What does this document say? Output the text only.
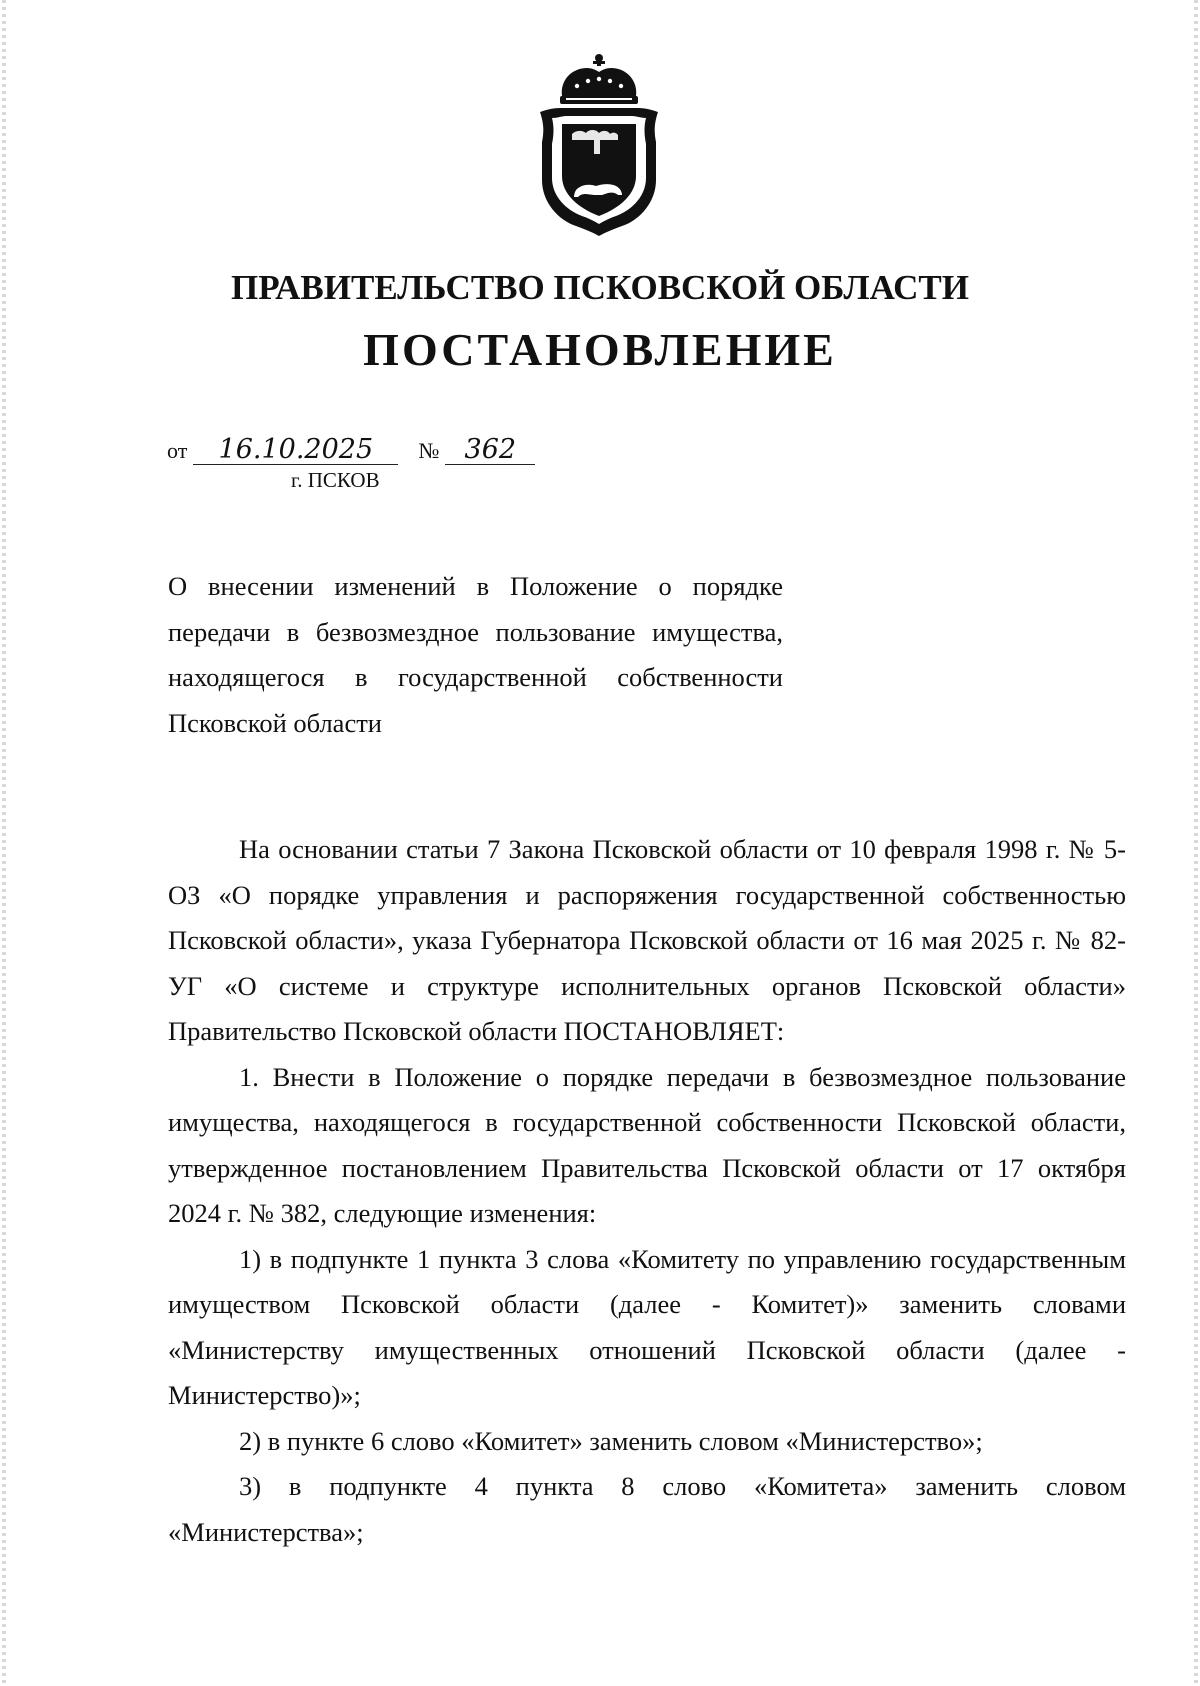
ПРАВИТЕЛЬСТВО ПСКОВСКОЙ ОБЛАСТИ
ПОСТАНОВЛЕНИЕ
от 16.10.2025 № 362
г. ПСКОВ

О внесении изменений в Положение о порядке передачи в безвозмездное пользование имущества, находящегося в государственной собственности Псковской области

На основании статьи 7 Закона Псковской области от 10 февраля 1998 г. № 5-ОЗ «О порядке управления и распоряжения государственной собственностью Псковской области», указа Губернатора Псковской области от 16 мая 2025 г. № 82-УГ «О системе и структуре исполнительных органов Псковской области» Правительство Псковской области ПОСТАНОВЛЯЕТ:

1. Внести в Положение о порядке передачи в безвозмездное пользование имущества, находящегося в государственной собственности Псковской области, утвержденное постановлением Правительства Псковской области от 17 октября 2024 г. № 382, следующие изменения:

1) в подпункте 1 пункта 3 слова «Комитету по управлению государственным имуществом Псковской области (далее - Комитет)» заменить словами «Министерству имущественных отношений Псковской области (далее - Министерство)»;

2) в пункте 6 слово «Комитет» заменить словом «Министерство»;

3) в подпункте 4 пункта 8 слово «Комитета» заменить словом «Министерства»;
